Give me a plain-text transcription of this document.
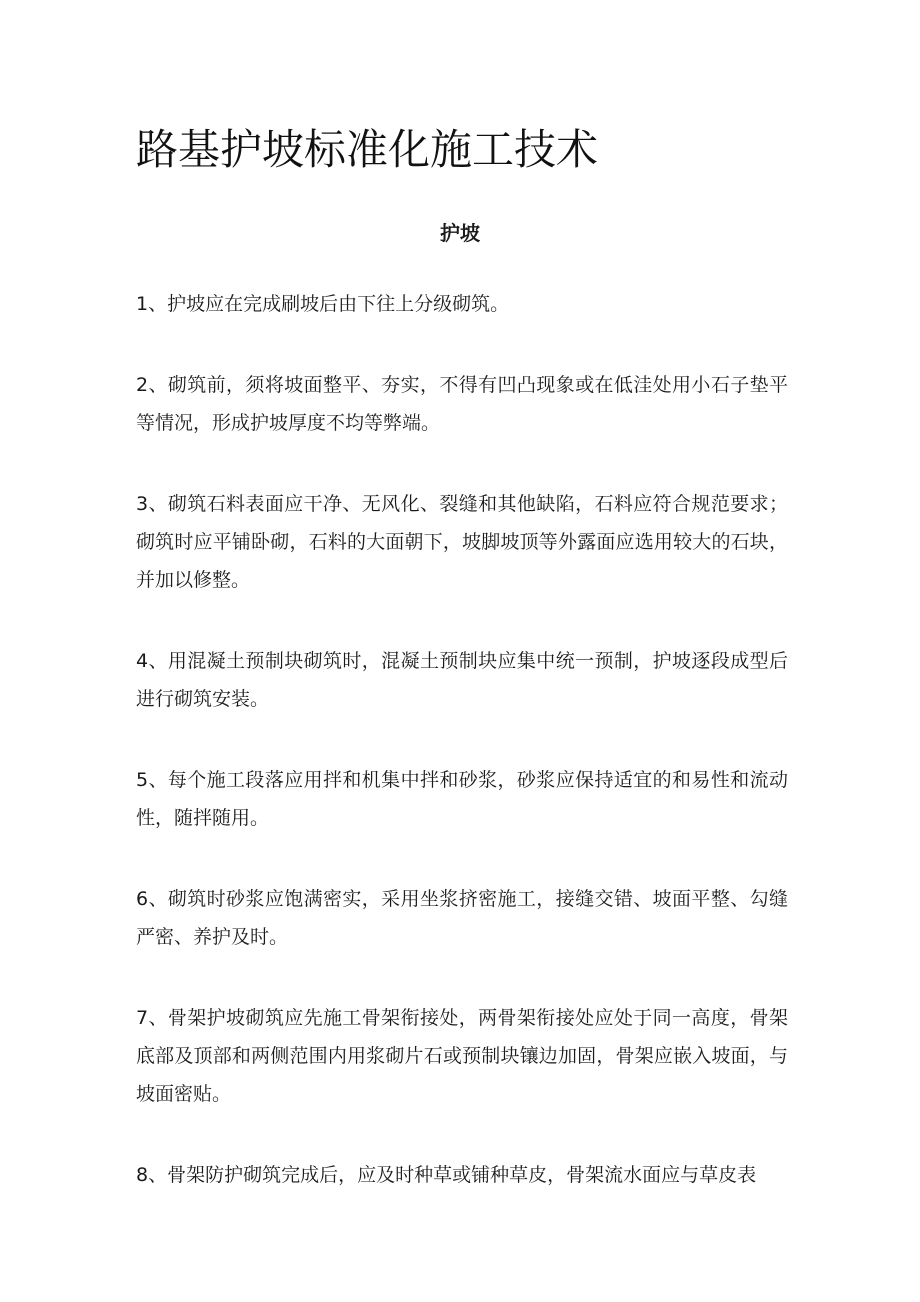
路基护坡标准化施工技术
护坡
1、护坡应在完成刷坡后由下往上分级砌筑。
2、砌筑前，须将坡面整平、夯实，不得有凹凸现象或在低洼处用小石子垫平等情况，形成护坡厚度不均等弊端。
3、砌筑石料表面应干净、无风化、裂缝和其他缺陷，石料应符合规范要求；砌筑时应平铺卧砌，石料的大面朝下，坡脚坡顶等外露面应选用较大的石块，并加以修整。
4、用混凝土预制块砌筑时，混凝土预制块应集中统一预制，护坡逐段成型后进行砌筑安装。
5、每个施工段落应用拌和机集中拌和砂浆，砂浆应保持适宜的和易性和流动性，随拌随用。
6、砌筑时砂浆应饱满密实，采用坐浆挤密施工，接缝交错、坡面平整、勾缝严密、养护及时。
7、骨架护坡砌筑应先施工骨架衔接处，两骨架衔接处应处于同一高度，骨架底部及顶部和两侧范围内用浆砌片石或预制块镶边加固，骨架应嵌入坡面，与坡面密贴。
8、骨架防护砌筑完成后，应及时种草或铺种草皮，骨架流水面应与草皮表
